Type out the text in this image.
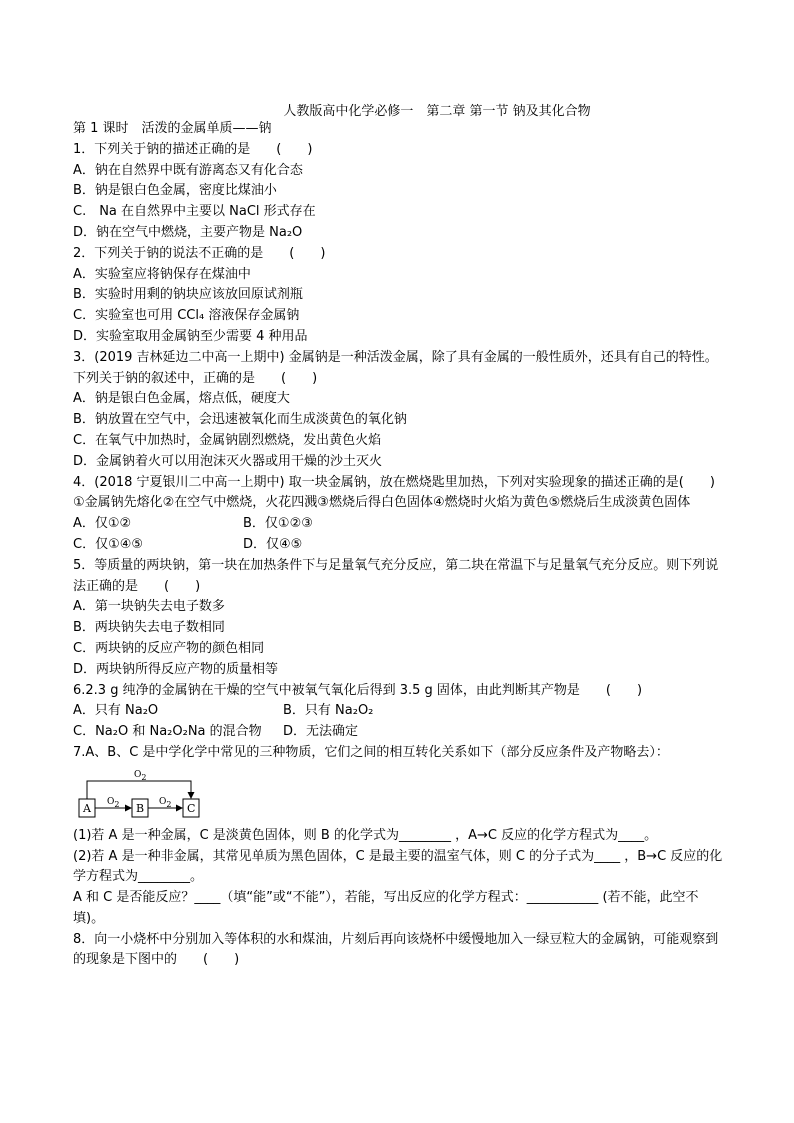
人教版高中化学必修一　第二章 第一节 钠及其化合物
第 1 课时　活泼的金属单质——钠
1．下列关于钠的描述正确的是　　(　　)
A．钠在自然界中既有游离态又有化合态
B．钠是银白色金属，密度比煤油小
C.　Na 在自然界中主要以 NaCl 形式存在
D．钠在空气中燃烧，主要产物是 Na₂O
2．下列关于钠的说法不正确的是　　(　　)
A．实验室应将钠保存在煤油中
B．实验时用剩的钠块应该放回原试剂瓶
C．实验室也可用 CCl₄ 溶液保存金属钠
D．实验室取用金属钠至少需要 4 种用品
3．(2019 吉林延边二中高一上期中) 金属钠是一种活泼金属，除了具有金属的一般性质外，还具有自己的特性。下列关于钠的叙述中，正确的是　　(　　)
A．钠是银白色金属，熔点低，硬度大
B．钠放置在空气中，会迅速被氧化而生成淡黄色的氧化钠
C．在氧气中加热时，金属钠剧烈燃烧，发出黄色火焰
D．金属钠着火可以用泡沫灭火器或用干燥的沙土灭火
4．(2018 宁夏银川二中高一上期中) 取一块金属钠，放在燃烧匙里加热，下列对实验现象的描述正确的是(　　)
①金属钠先熔化②在空气中燃烧，火花四溅③燃烧后得白色固体④燃烧时火焰为黄色⑤燃烧后生成淡黄色固体
A．仅①②	B．仅①②③
C．仅①④⑤	D．仅④⑤
5．等质量的两块钠，第一块在加热条件下与足量氧气充分反应，第二块在常温下与足量氧气充分反应。则下列说法正确的是　　(　　)
A．第一块钠失去电子数多
B．两块钠失去电子数相同
C．两块钠的反应产物的颜色相同
D．两块钠所得反应产物的质量相等
6.2.3 g 纯净的金属钠在干燥的空气中被氧气氧化后得到 3.5 g 固体，由此判断其产物是　　(　　)
A．只有 Na₂O	B．只有 Na₂O₂
C．Na₂O 和 Na₂O₂Na 的混合物 D．无法确定
7.A、B、C 是中学化学中常见的三种物质，它们之间的相互转化关系如下（部分反应条件及产物略去）：
A	B	C
O2	O2
O2
(1)若 A 是一种金属，C 是淡黄色固体，则 B 的化学式为________ ，A→C 反应的化学方程式为____。
(2)若 A 是一种非金属，其常见单质为黑色固体，C 是最主要的温室气体，则 C 的分子式为____ ，B→C 反应的化学方程式为________。
A 和 C 是否能反应？____（填“能”或“不能”），若能，写出反应的化学方程式：___________ (若不能，此空不填)。
8．向一小烧杯中分别加入等体积的水和煤油，片刻后再向该烧杯中缓慢地加入一绿豆粒大的金属钠，可能观察到的现象是下图中的　　(　　)
